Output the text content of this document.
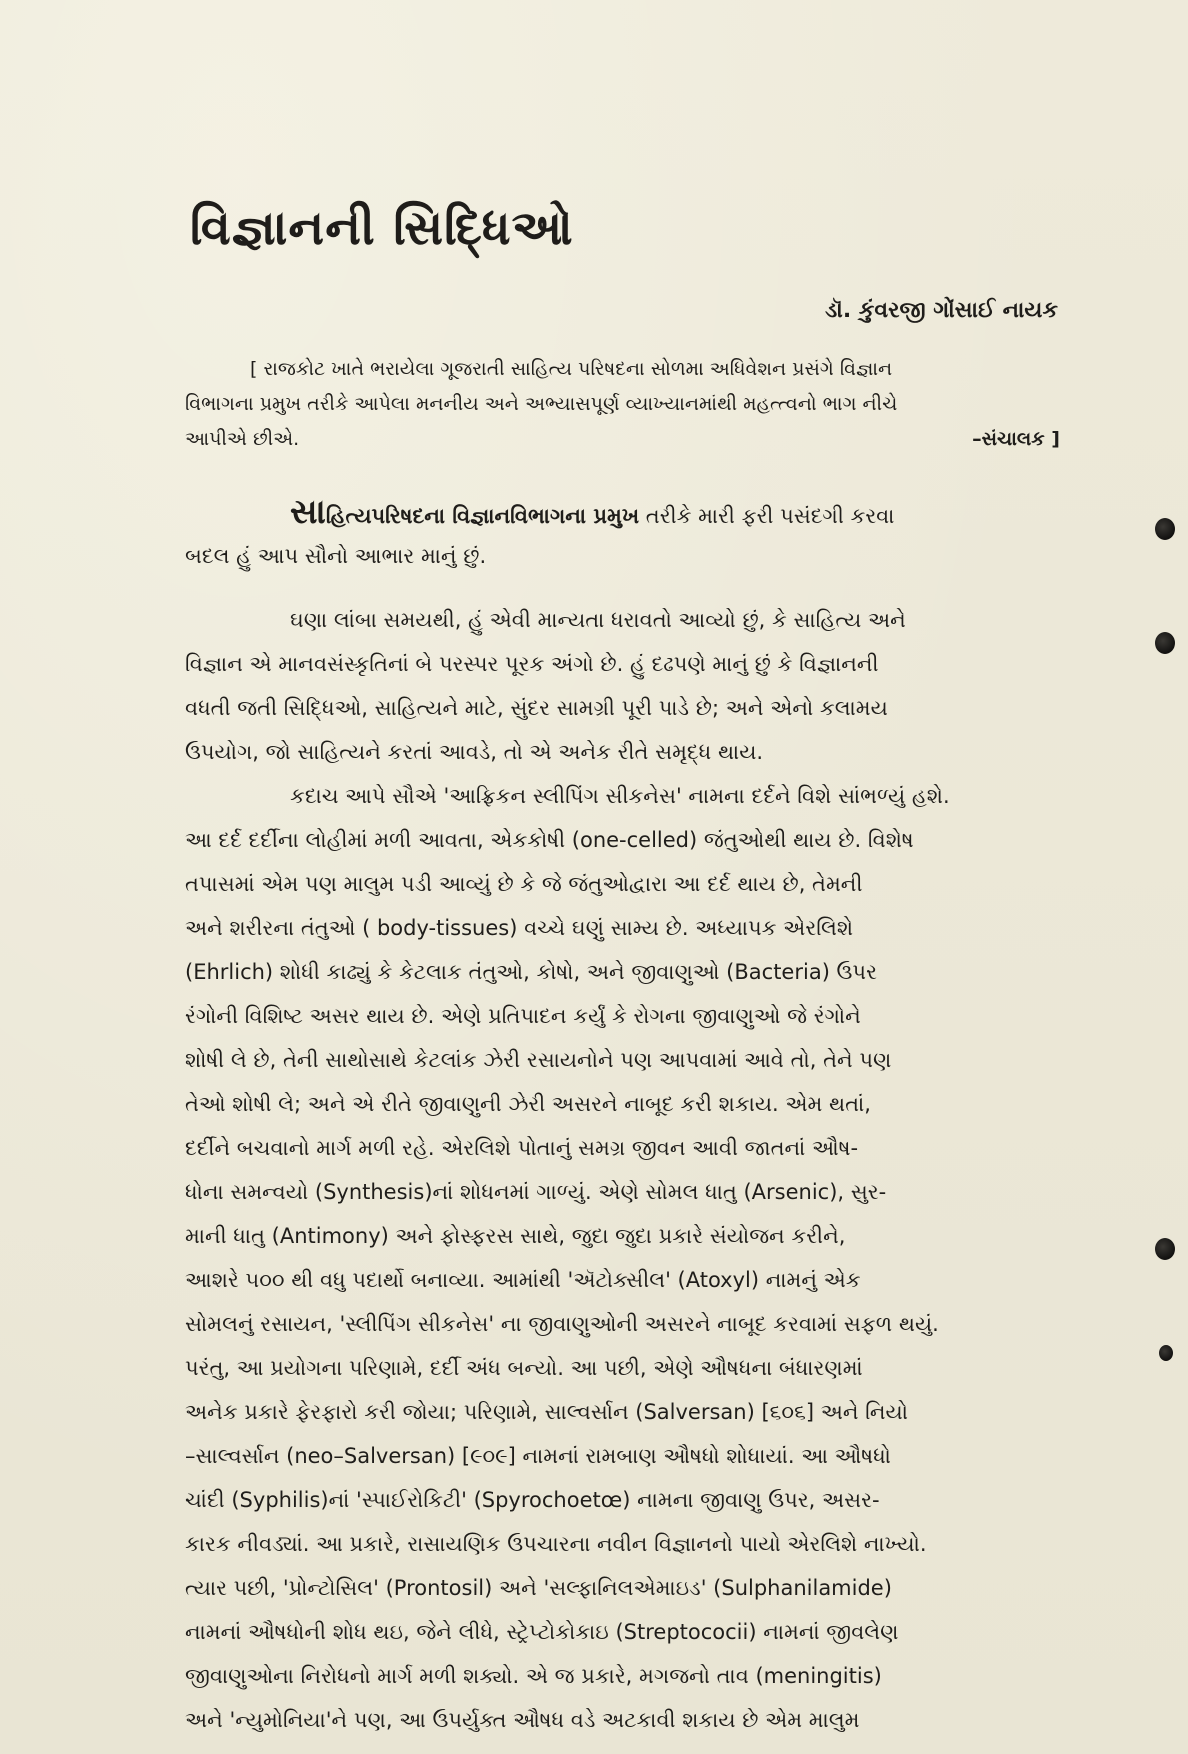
વિજ્ઞાનની સિદ્ધિઓ
ડૉ. કુંવરજી ગોંસાઈ નાયક
[ રાજકોટ ખાતે ભરાયેલા ગૂજરાતી સાહિત્ય પરિષદના સોળમા અધિવેશન પ્રસંગે વિજ્ઞાન
વિભાગના પ્રમુખ તરીકે આપેલા મનનીય અને અભ્યાસપૂર્ણ વ્યાખ્યાનમાંથી મહત્ત્વનો ભાગ નીચે
આપીએ છીએ.	–સંચાલક ]
સાહિત્યપરિષદના વિજ્ઞાનવિભાગના પ્રમુખ તરીકે મારી ફરી પસંદગી કરવા
બદલ હું આપ સૌનો આભાર માનું છું.
ઘણા લાંબા સમયથી, હું એવી માન્યતા ધરાવતો આવ્યો છું, કે સાહિત્ય અને
વિજ્ઞાન એ માનવસંસ્કૃતિનાં બે પરસ્પર પૂરક અંગો છે. હું દઢપણે માનું છું કે વિજ્ઞાનની
વધતી જતી સિદ્ધિઓ, સાહિત્યને માટે, સુંદર સામગ્રી પૂરી પાડે છે; અને એનો કલામય
ઉપયોગ, જો સાહિત્યને કરતાં આવડે, તો એ અનેક રીતે સમૃદ્ધ થાય.
કદાચ આપે સૌએ 'આફ્રિકન સ્લીપિંગ સીકનેસ' નામના દર્દને વિશે સાંભળ્યું હશે.
આ દર્દ દર્દીના લોહીમાં મળી આવતા, એકકોષી (one-celled) જંતુઓથી થાય છે. વિશેષ
તપાસમાં એમ પણ માલુમ પડી આવ્યું છે કે જે જંતુઓદ્વારા આ દર્દ થાય છે, તેમની
અને શરીરના તંતુઓ ( body-tissues) વચ્ચે ઘણું સામ્ય છે. અધ્યાપક એરલિશે
(Ehrlich) શોધી કાઢ્યું કે કેટલાક તંતુઓ, કોષો, અને જીવાણુઓ (Bacteria) ઉપર
રંગોની વિશિષ્ટ અસર થાય છે. એણે પ્રતિપાદન કર્યું કે રોગના જીવાણુઓ જે રંગોને
શોષી લે છે, તેની સાથોસાથે કેટલાંક ઝેરી રસાયનોને પણ આપવામાં આવે તો, તેને પણ
તેઓ શોષી લે; અને એ રીતે જીવાણુની ઝેરી અસરને નાબૂદ કરી શકાય. એમ થતાં,
દર્દીને બચવાનો માર્ગ મળી રહે. એરલિશે પોતાનું સમગ્ર જીવન આવી જાતનાં ઔષ-
ધોના સમન્વયો (Synthesis)નાં શોધનમાં ગાળ્યું. એણે સોમલ ધાતુ (Arsenic), સુર-
માની ધાતુ (Antimony) અને ફોસ્ફરસ સાથે, જુદા જુદા પ્રકારે સંયોજન કરીને,
આશરે ૫૦૦ થી વધુ પદાર્થો બનાવ્યા. આમાંથી 'ઍટોક્સીલ' (Atoxyl) નામનું એક
સોમલનું રસાયન, 'સ્લીપિંગ સીકનેસ' ના જીવાણુઓની અસરને નાબૂદ કરવામાં સફળ થયું.
પરંતુ, આ પ્રયોગના પરિણામે, દર્દી અંધ બન્યો. આ પછી, એણે ઔષધના બંધારણમાં
અનેક પ્રકારે ફેરફારો કરી જોયા; પરિણામે, સાલ્વર્સાન (Salversan) [૬૦૬] અને નિયો
–સાલ્વર્સાન (neo–Salversan) [૯૦૯] નામનાં રામબાણ ઔષધો શોધાયાં. આ ઔષધો
ચાંદી (Syphilis)નાં 'સ્પાઈરોકિટી' (Spyrochoetœ) નામના જીવાણુ ઉપર, અસર-
કારક નીવડ્યાં. આ પ્રકારે, રાસાયણિક ઉપચારના નવીન વિજ્ઞાનનો પાયો એરલિશે નાખ્યો.
ત્યાર પછી, 'પ્રોન્ટોસિલ' (Prontosil) અને 'સલ્ફાનિલએમાઇડ' (Sulphanilamide)
નામનાં ઔષધોની શોધ થઇ, જેને લીધે, સ્ટ્રેપ્ટોકોકાઇ (Streptococii) નામનાં જીવલેણ
જીવાણુઓના નિરોધનો માર્ગ મળી શક્યો. એ જ પ્રકારે, મગજનો તાવ (meningitis)
અને 'ન્યુમોનિયા'ને પણ, આ ઉપર્યુક્ત ઔષધ વડે અટકાવી શકાય છે એમ માલુમ
